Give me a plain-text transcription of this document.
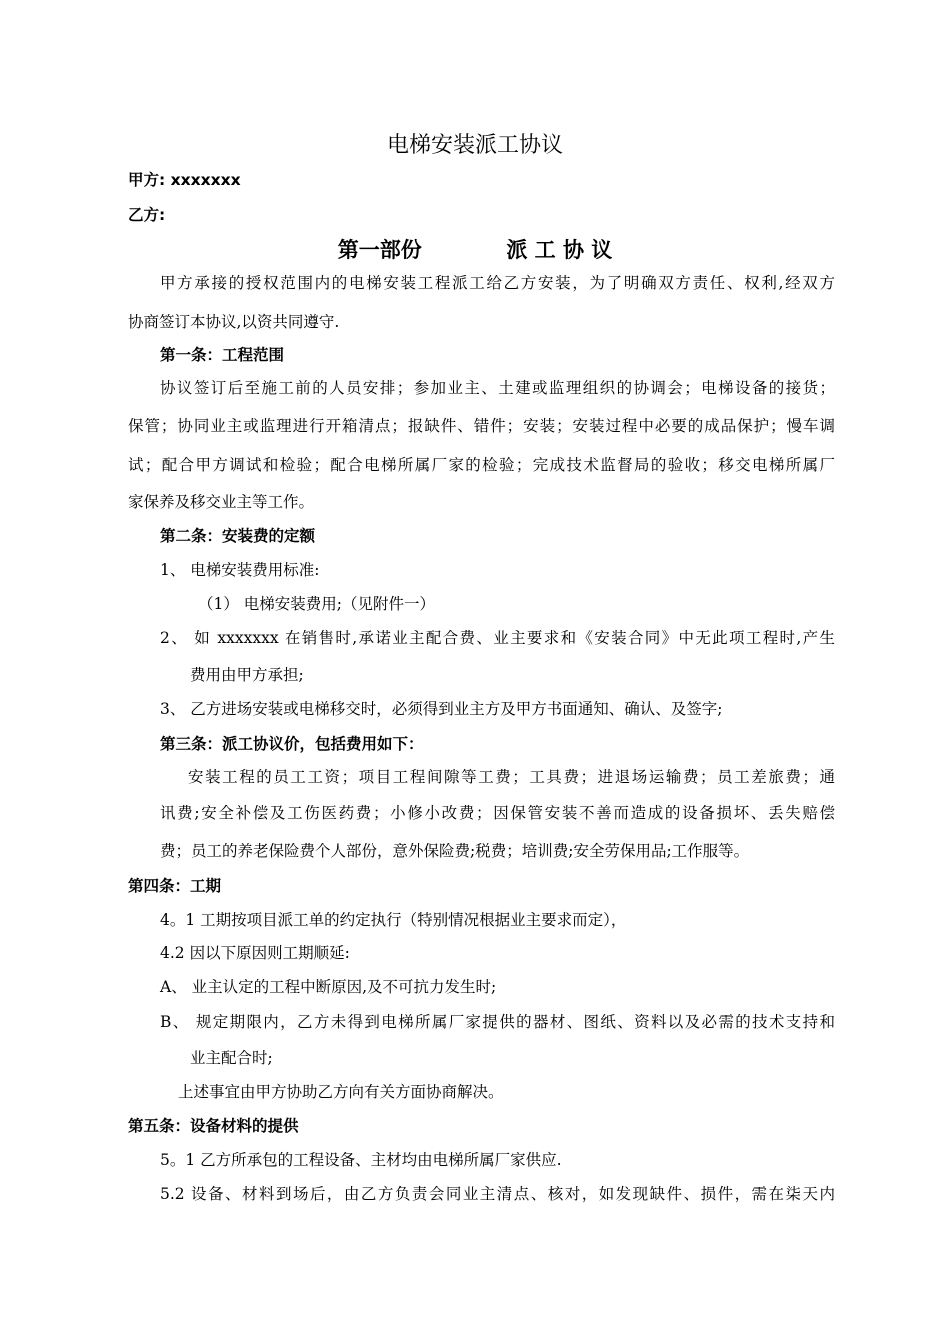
电梯安装派工协议
甲方: xxxxxxx
乙方:
第一部份	派 工 协 议
甲方承接的授权范围内的电梯安装工程派工给乙方安装，为了明确双方责任、权利,经双方
协商签订本协议,以资共同遵守.
第一条：工程范围
协议签订后至施工前的人员安排；参加业主、土建或监理组织的协调会；电梯设备的接货；
保管；协同业主或监理进行开箱清点；报缺件、错件；安装；安装过程中必要的成品保护；慢车调
试；配合甲方调试和检验；配合电梯所属厂家的检验；完成技术监督局的验收；移交电梯所属厂
家保养及移交业主等工作。
第二条：安装费的定额
1、 电梯安装费用标准:
（1） 电梯安装费用;（见附件一）
2、 如 xxxxxxx 在销售时,承诺业主配合费、业主要求和《安装合同》中无此项工程时,产生
费用由甲方承担;
3、 乙方进场安装或电梯移交时，必须得到业主方及甲方书面通知、确认、及签字;
第三条：派工协议价，包括费用如下：
安装工程的员工工资；项目工程间隙等工费；工具费；进退场运输费；员工差旅费；通
讯费;安全补偿及工伤医药费；小修小改费；因保管安装不善而造成的设备损坏、丢失赔偿
费；员工的养老保险费个人部份，意外保险费;税费；培训费;安全劳保用品;工作服等。
第四条：工期
4。1 工期按项目派工单的约定执行（特别情况根据业主要求而定），
4.2 因以下原因则工期顺延:
A、 业主认定的工程中断原因,及不可抗力发生时;
B、 规定期限内，乙方未得到电梯所属厂家提供的器材、图纸、资料以及必需的技术支持和
业主配合时;
上述事宜由甲方协助乙方向有关方面协商解决。
第五条：设备材料的提供
5。1 乙方所承包的工程设备、主材均由电梯所属厂家供应.
5.2 设备、材料到场后，由乙方负责会同业主清点、核对，如发现缺件、损件，需在柒天内
